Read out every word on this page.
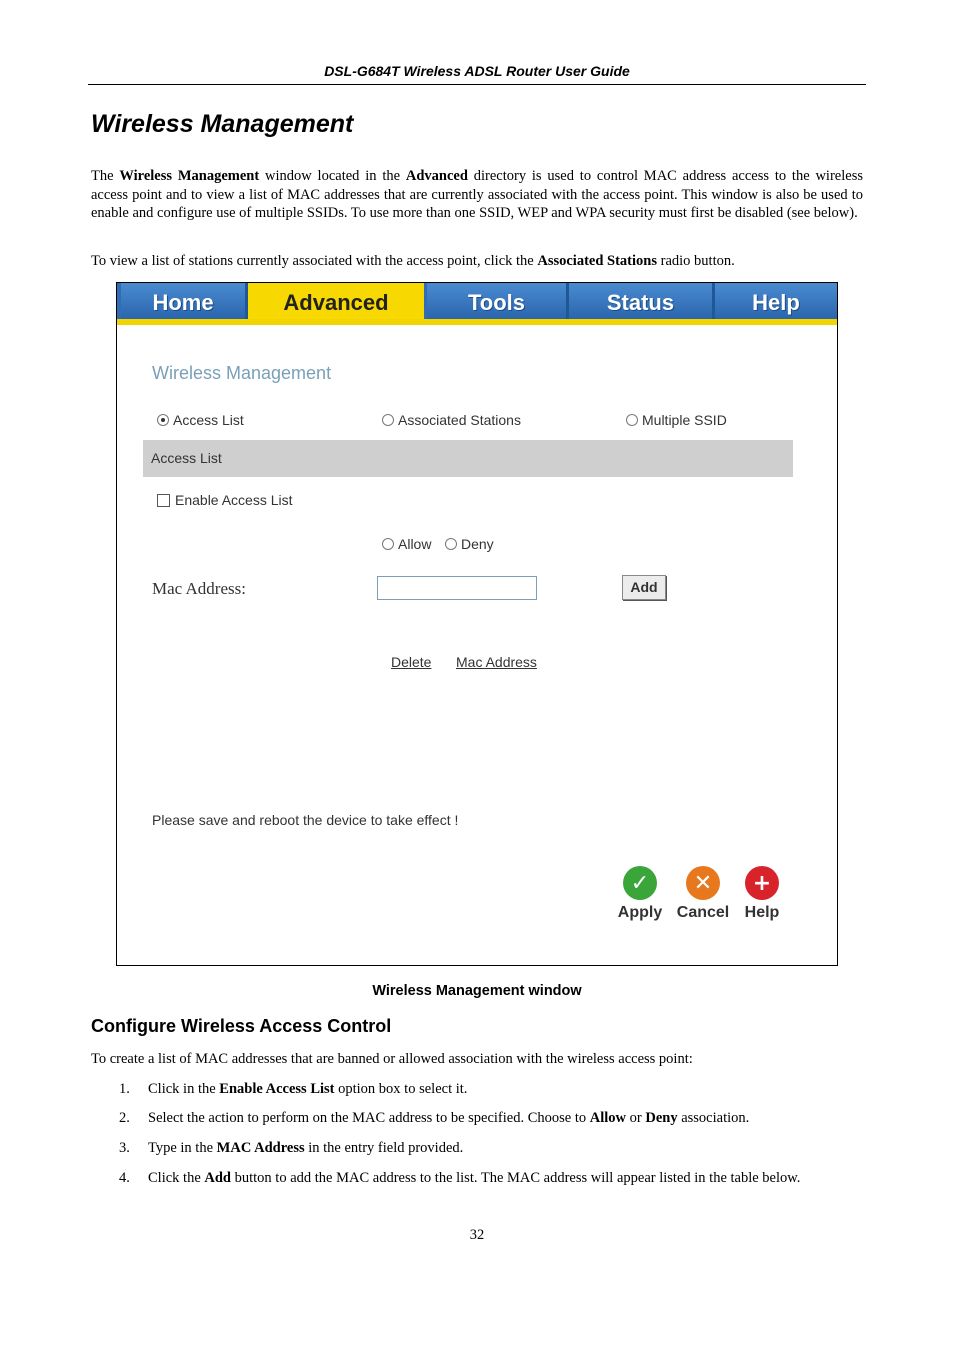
DSL-G684T Wireless ADSL Router User Guide
Wireless Management

The Wireless Management window located in the Advanced directory is used to control MAC address access to the wireless access point and to view a list of MAC addresses that are currently associated with the access point. This window is also be used to enable and configure use of multiple SSIDs. To use more than one SSID, WEP and WPA security must first be disabled (see below).

To view a list of stations currently associated with the access point, click the Associated Stations radio button.

Home	Advanced	Tools	Status	Help
Wireless Management
Access List	Associated Stations	Multiple SSID
Access List
Enable Access List
Allow Deny
Mac Address:	Add
Delete Mac Address
Please save and reboot the device to take effect !
✓
Apply
✕
Cancel
+
Help
Wireless Management window
Configure Wireless Access Control

To create a list of MAC addresses that are banned or allowed association with the wireless access point:

1.	Click in the Enable Access List option box to select it.
2.	Select the action to perform on the MAC address to be specified. Choose to Allow or Deny association.
3.	Type in the MAC Address in the entry field provided.
4.	Click the Add button to add the MAC address to the list. The MAC address will appear listed in the table below.
32
